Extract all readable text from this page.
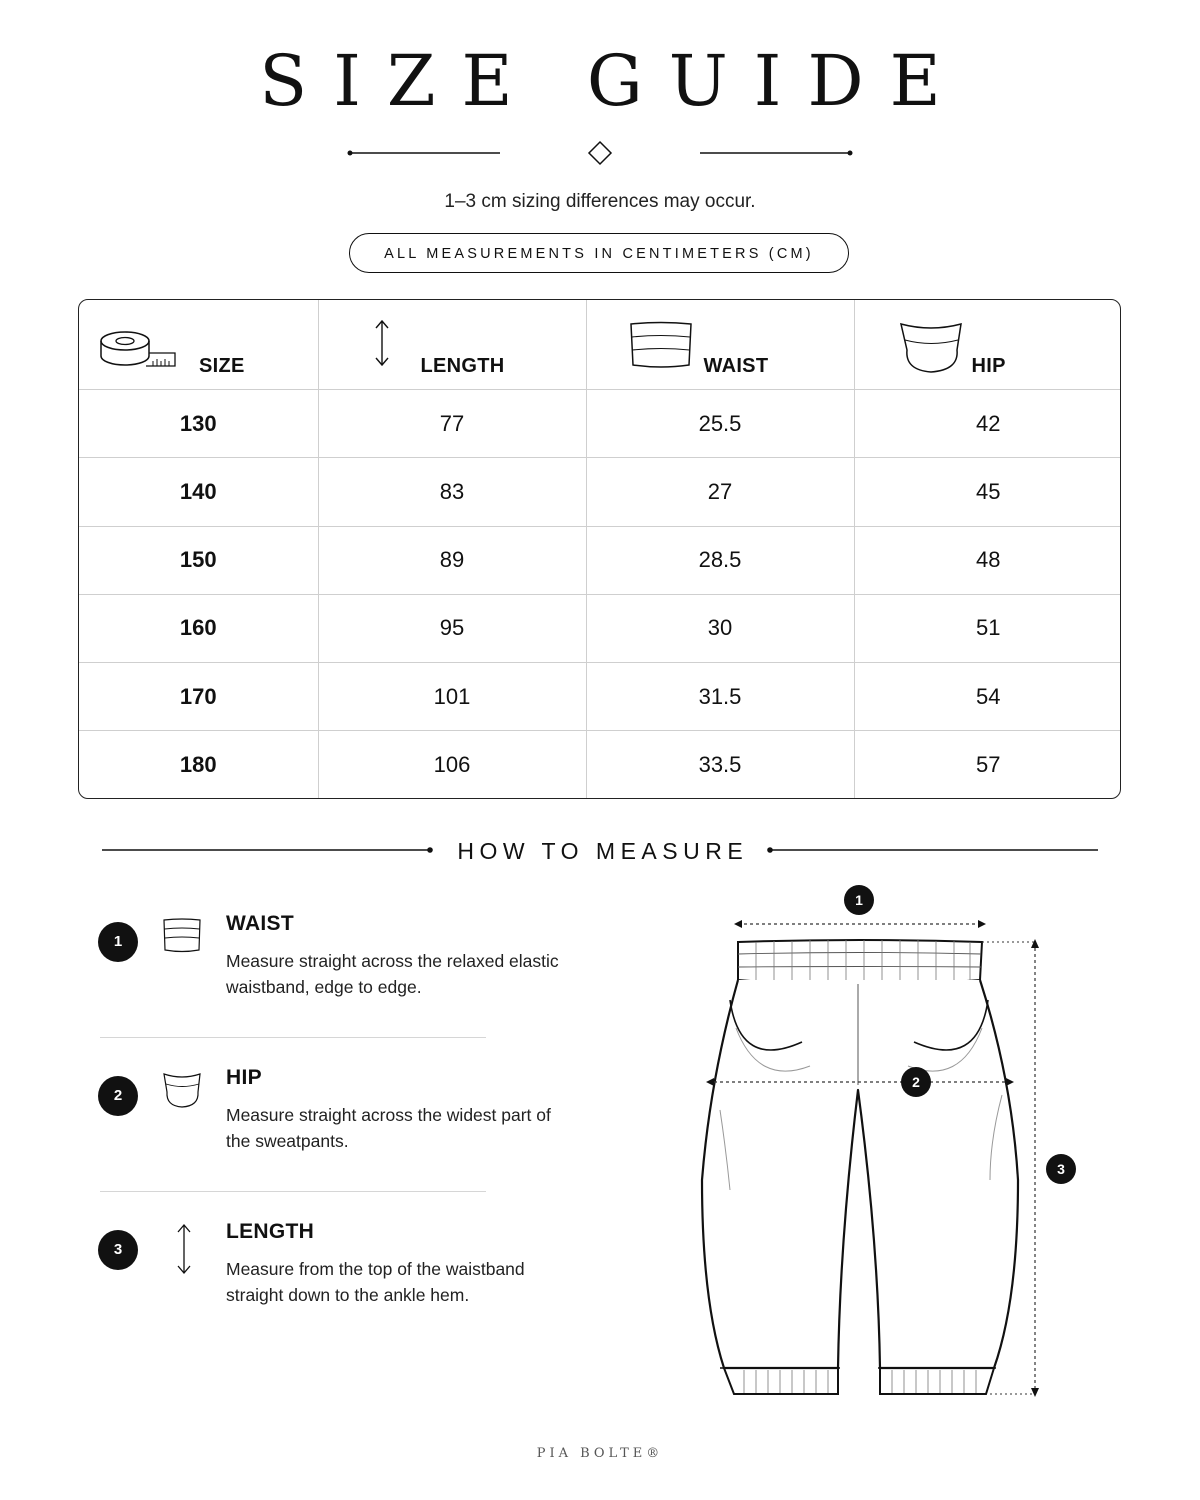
SIZE GUIDE
1–3 cm sizing differences may occur.
ALL MEASUREMENTS IN CENTIMETERS (CM)
SIZE	LENGTH	WAIST	HIP

130	77	25.5	42
140	83	27	45
150	89	28.5	48
160	95	30	51
170	101	31.5	54
180	106	33.5	57
HOW TO MEASURE
1
WAIST
Measure straight across the relaxed elastic waistband, edge to edge.
2
HIP
Measure straight across the widest part of the sweatpants.
3
LENGTH
Measure from the top of the waistband straight down to the ankle hem.
1
2
3
PIA BOLTE®
